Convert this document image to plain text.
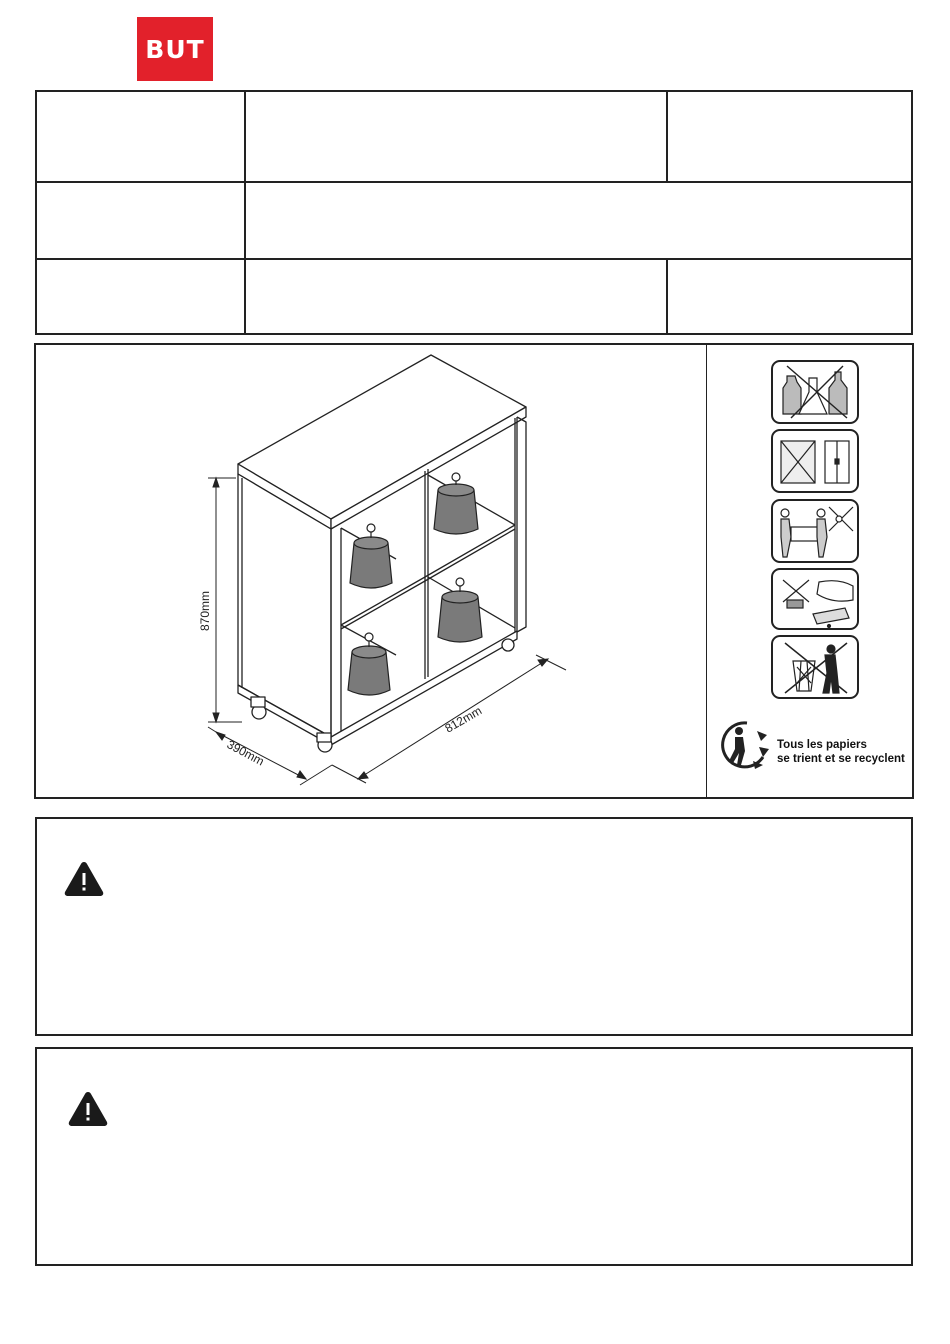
BUT
870mm
390mm
812mm
Tous les papiers
se trient et se recyclent
